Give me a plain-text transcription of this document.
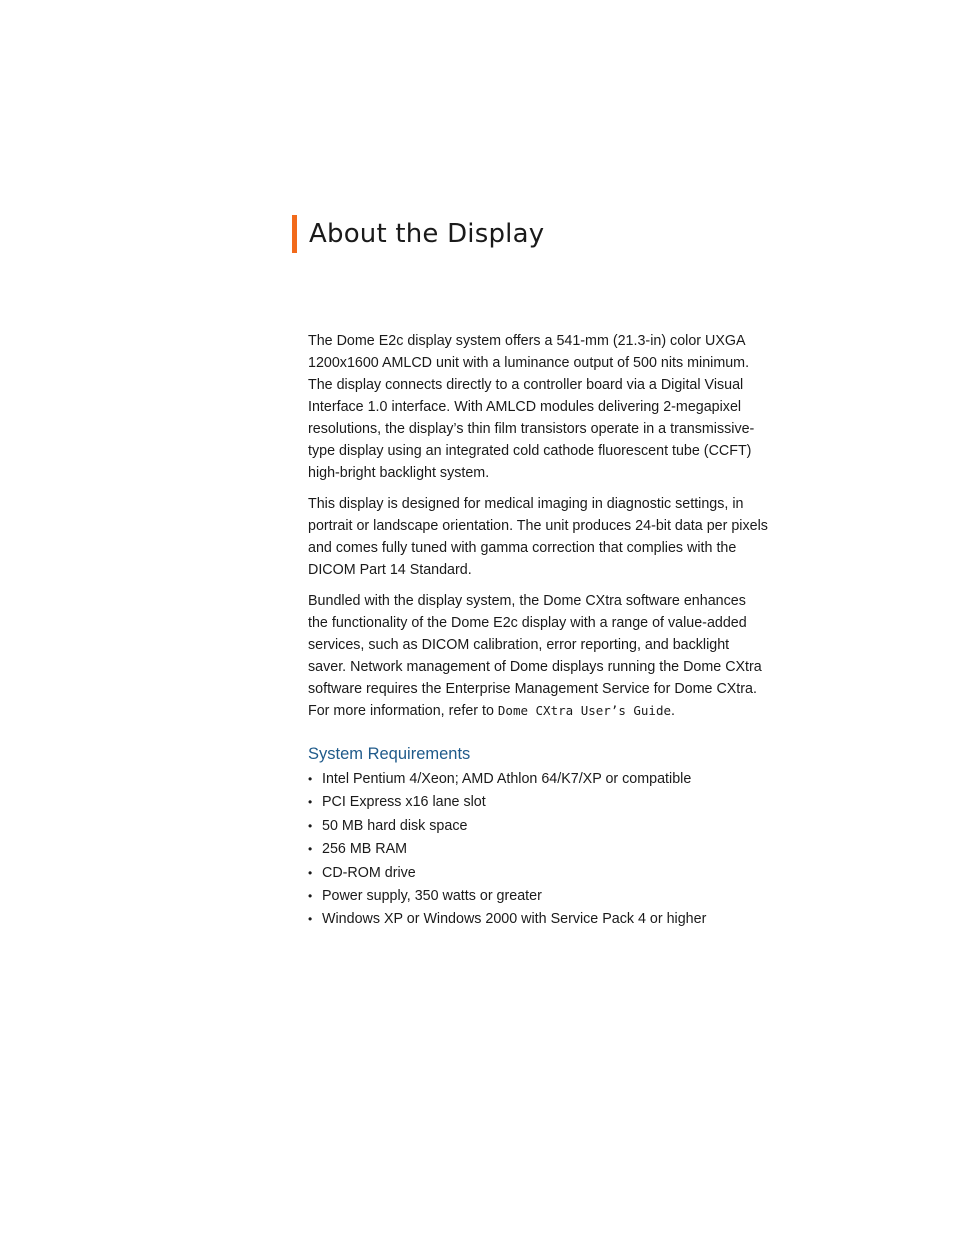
About the Display

The Dome E2c display system offers a 541-mm (21.3-in) color UXGA 1200x1600 AMLCD unit with a luminance output of 500 nits minimum. The display connects directly to a controller board via a Digital Visual Interface 1.0 interface. With AMLCD modules delivering 2-megapixel resolutions, the display’s thin film transistors operate in a transmissive-type display using an integrated cold cathode fluorescent tube (CCFT) high-bright backlight system.

This display is designed for medical imaging in diagnostic settings, in portrait or landscape orientation. The unit produces 24-bit data per pixels and comes fully tuned with gamma correction that complies with the DICOM Part 14 Standard.

Bundled with the display system, the Dome CXtra software enhances the functionality of the Dome E2c display with a range of value-added services, such as DICOM calibration, error reporting, and backlight saver. Network management of Dome displays running the Dome CXtra software requires the Enterprise Management Service for Dome CXtra. For more information, refer to Dome CXtra User’s Guide.

System Requirements
• Intel Pentium 4/Xeon; AMD Athlon 64/K7/XP or compatible
• PCI Express x16 lane slot
• 50 MB hard disk space
• 256 MB RAM
• CD-ROM drive
• Power supply, 350 watts or greater
• Windows XP or Windows 2000 with Service Pack 4 or higher
